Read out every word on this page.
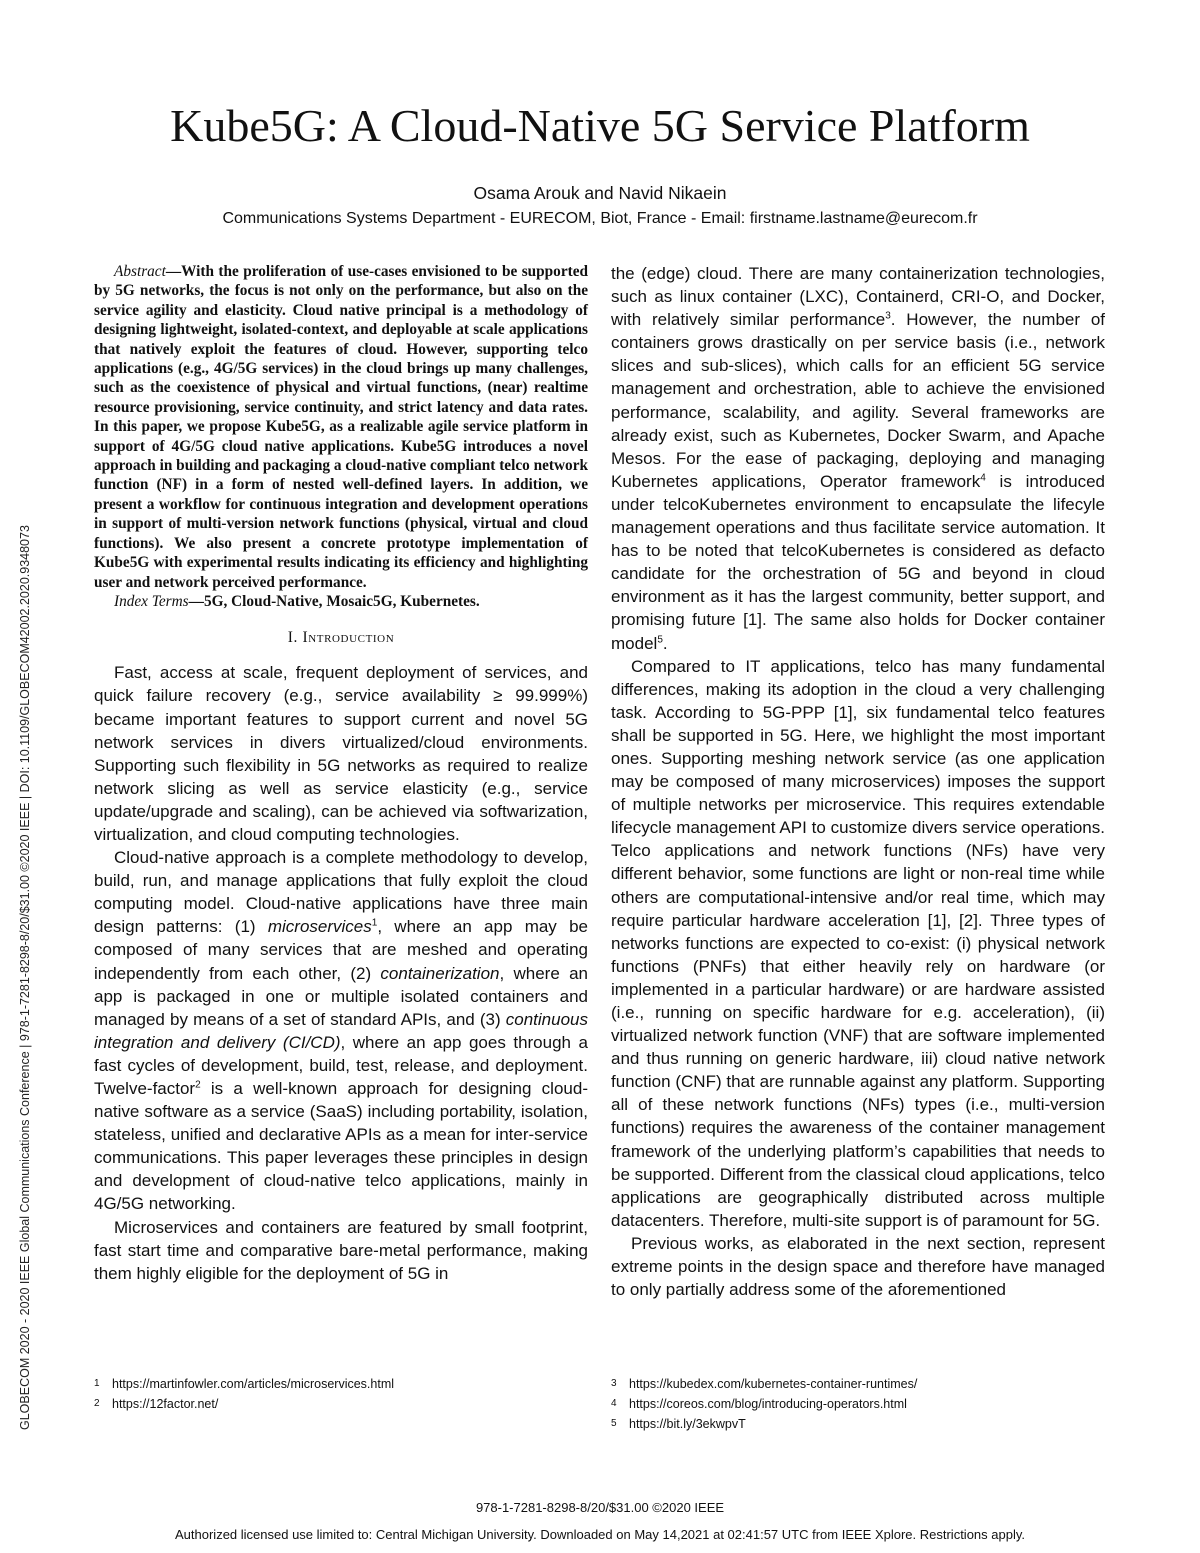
GLOBECOM 2020 - 2020 IEEE Global Communications Conference | 978-1-7281-8298-8/20/$31.00 ©2020 IEEE | DOI: 10.1109/GLOBECOM42002.2020.9348073
Kube5G: A Cloud-Native 5G Service Platform
Osama Arouk and Navid Nikaein
Communications Systems Department - EURECOM, Biot, France - Email: firstname.lastname@eurecom.fr

Abstract—With the proliferation of use-cases envisioned to be supported by 5G networks, the focus is not only on the performance, but also on the service agility and elasticity. Cloud native principal is a methodology of designing lightweight, isolated-context, and deployable at scale applications that natively exploit the features of cloud. However, supporting telco applications (e.g., 4G/5G services) in the cloud brings up many challenges, such as the coexistence of physical and virtual functions, (near) realtime resource provisioning, service continuity, and strict latency and data rates. In this paper, we propose Kube5G, as a realizable agile service platform in support of 4G/5G cloud native applications. Kube5G introduces a novel approach in building and packaging a cloud-native compliant telco network function (NF) in a form of nested well-defined layers. In addition, we present a workflow for continuous integration and development operations in support of multi-version network functions (physical, virtual and cloud functions). We also present a concrete prototype implementation of Kube5G with experimental results indicating its efficiency and highlighting user and network perceived performance.

Index Terms—5G, Cloud-Native, Mosaic5G, Kubernetes.

I. Introduction

Fast, access at scale, frequent deployment of services, and quick failure recovery (e.g., service availability ≥ 99.999%) became important features to support current and novel 5G network services in divers virtualized/cloud environments. Supporting such flexibility in 5G networks as required to realize network slicing as well as service elasticity (e.g., service update/upgrade and scaling), can be achieved via softwarization, virtualization, and cloud computing technologies.

Cloud-native approach is a complete methodology to develop, build, run, and manage applications that fully exploit the cloud computing model. Cloud-native applications have three main design patterns: (1) microservices$^1$, where an app may be composed of many services that are meshed and operating independently from each other, (2) containerization, where an app is packaged in one or multiple isolated containers and managed by means of a set of standard APIs, and (3) continuous integration and delivery (CI/CD), where an app goes through a fast cycles of development, build, test, release, and deployment. Twelve-factor$^2$ is a well-known approach for designing cloud-native software as a service (SaaS) including portability, isolation, stateless, unified and declarative APIs as a mean for inter-service communications. This paper leverages these principles in design and development of cloud-native telco applications, mainly in 4G/5G networking.

Microservices and containers are featured by small footprint, fast start time and comparative bare-metal performance, making them highly eligible for the deployment of 5G in

the (edge) cloud. There are many containerization technologies, such as linux container (LXC), Containerd, CRI-O, and Docker, with relatively similar performance$^3$. However, the number of containers grows drastically on per service basis (i.e., network slices and sub-slices), which calls for an efficient 5G service management and orchestration, able to achieve the envisioned performance, scalability, and agility. Several frameworks are already exist, such as Kubernetes, Docker Swarm, and Apache Mesos. For the ease of packaging, deploying and managing Kubernetes applications, Operator framework$^4$ is introduced under telcoKubernetes environment to encapsulate the lifecyle management operations and thus facilitate service automation. It has to be noted that telcoKubernetes is considered as defacto candidate for the orchestration of 5G and beyond in cloud environment as it has the largest community, better support, and promising future [1]. The same also holds for Docker container model$^5$.

Compared to IT applications, telco has many fundamental differences, making its adoption in the cloud a very challenging task. According to 5G-PPP [1], six fundamental telco features shall be supported in 5G. Here, we highlight the most important ones. Supporting meshing network service (as one application may be composed of many microservices) imposes the support of multiple networks per microservice. This requires extendable lifecycle management API to customize divers service operations. Telco applications and network functions (NFs) have very different behavior, some functions are light or non-real time while others are computational-intensive and/or real time, which may require particular hardware acceleration [1], [2]. Three types of networks functions are expected to co-exist: (i) physical network functions (PNFs) that either heavily rely on hardware (or implemented in a particular hardware) or are hardware assisted (i.e., running on specific hardware for e.g. acceleration), (ii) virtualized network function (VNF) that are software implemented and thus running on generic hardware, iii) cloud native network function (CNF) that are runnable against any platform. Supporting all of these network functions (NFs) types (i.e., multi-version functions) requires the awareness of the container management framework of the underlying platform’s capabilities that needs to be supported. Different from the classical cloud applications, telco applications are geographically distributed across multiple datacenters. Therefore, multi-site support is of paramount for 5G.

Previous works, as elaborated in the next section, represent extreme points in the design space and therefore have managed to only partially address some of the aforementioned

1 https://martinfowler.com/articles/microservices.html
2 https://12factor.net/
3 https://kubedex.com/kubernetes-container-runtimes/
4 https://coreos.com/blog/introducing-operators.html
5 https://bit.ly/3ekwpvT
978-1-7281-8298-8/20/$31.00 ©2020 IEEE
Authorized licensed use limited to: Central Michigan University. Downloaded on May 14,2021 at 02:41:57 UTC from IEEE Xplore. Restrictions apply.
